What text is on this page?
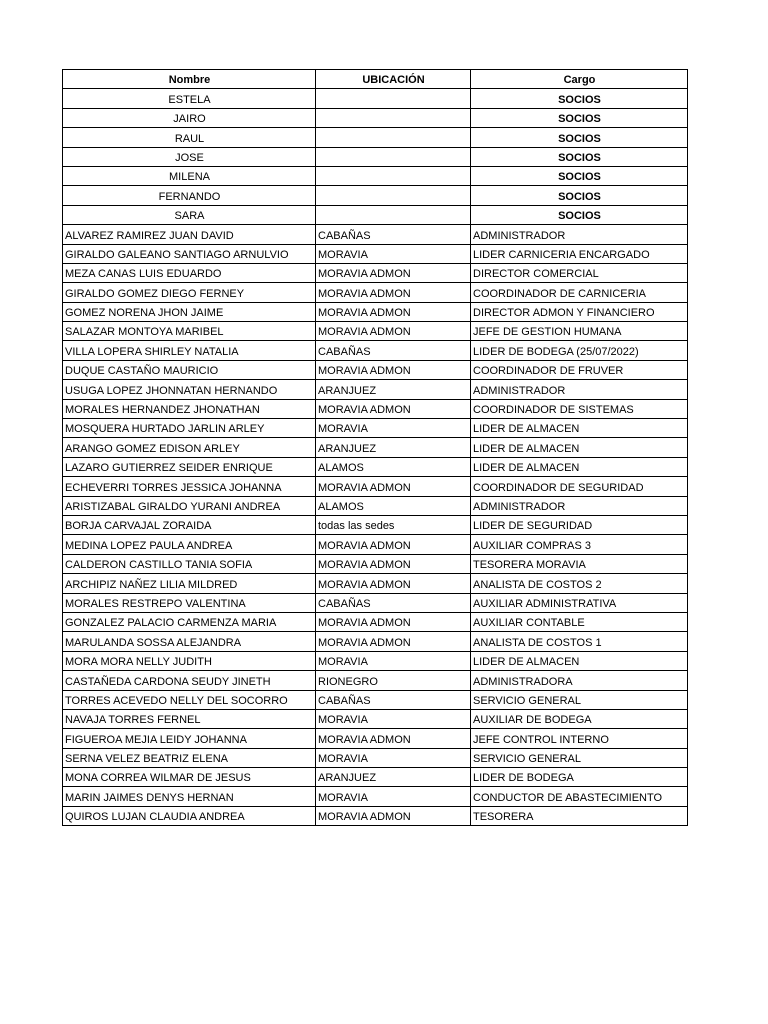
Nombre	UBICACIÓN	Cargo
ESTELA		SOCIOS
JAIRO		SOCIOS
RAUL		SOCIOS
JOSE		SOCIOS
MILENA		SOCIOS
FERNANDO		SOCIOS
SARA		SOCIOS
ALVAREZ RAMIREZ JUAN DAVID	CABAÑAS	ADMINISTRADOR
GIRALDO GALEANO SANTIAGO ARNULVIO	MORAVIA	LIDER CARNICERIA ENCARGADO
MEZA CANAS LUIS EDUARDO	MORAVIA ADMON	DIRECTOR COMERCIAL
GIRALDO GOMEZ DIEGO FERNEY	MORAVIA ADMON	COORDINADOR DE CARNICERIA
GOMEZ NORENA JHON JAIME	MORAVIA ADMON	DIRECTOR ADMON Y FINANCIERO
SALAZAR MONTOYA MARIBEL	MORAVIA ADMON	JEFE DE GESTION HUMANA
VILLA LOPERA SHIRLEY NATALIA	CABAÑAS	LIDER DE BODEGA (25/07/2022)
DUQUE CASTAÑO MAURICIO	MORAVIA ADMON	COORDINADOR DE FRUVER
USUGA LOPEZ JHONNATAN HERNANDO	ARANJUEZ	ADMINISTRADOR
MORALES HERNANDEZ JHONATHAN	MORAVIA ADMON	COORDINADOR DE SISTEMAS
MOSQUERA HURTADO JARLIN ARLEY	MORAVIA	LIDER DE ALMACEN
ARANGO GOMEZ EDISON ARLEY	ARANJUEZ	LIDER DE ALMACEN
LAZARO GUTIERREZ SEIDER ENRIQUE	ALAMOS	LIDER DE ALMACEN
ECHEVERRI TORRES JESSICA JOHANNA	MORAVIA ADMON	COORDINADOR DE SEGURIDAD
ARISTIZABAL GIRALDO YURANI ANDREA	ALAMOS	ADMINISTRADOR
BORJA CARVAJAL ZORAIDA	todas las sedes	LIDER DE SEGURIDAD
MEDINA LOPEZ PAULA ANDREA	MORAVIA ADMON	AUXILIAR COMPRAS 3
CALDERON CASTILLO TANIA SOFIA	MORAVIA ADMON	TESORERA MORAVIA
ARCHIPIZ NAÑEZ LILIA MILDRED	MORAVIA ADMON	ANALISTA DE COSTOS 2
MORALES RESTREPO VALENTINA	CABAÑAS	AUXILIAR ADMINISTRATIVA
GONZALEZ PALACIO CARMENZA MARIA	MORAVIA ADMON	AUXILIAR CONTABLE
MARULANDA SOSSA ALEJANDRA	MORAVIA ADMON	ANALISTA DE COSTOS 1
MORA MORA NELLY JUDITH	MORAVIA	LIDER DE ALMACEN
CASTAÑEDA CARDONA SEUDY JINETH	RIONEGRO	ADMINISTRADORA
TORRES ACEVEDO NELLY DEL SOCORRO	CABAÑAS	SERVICIO GENERAL
NAVAJA TORRES FERNEL	MORAVIA	AUXILIAR DE BODEGA
FIGUEROA MEJIA LEIDY JOHANNA	MORAVIA ADMON	JEFE CONTROL INTERNO
SERNA VELEZ BEATRIZ ELENA	MORAVIA	SERVICIO GENERAL
MONA CORREA WILMAR DE JESUS	ARANJUEZ	LIDER DE BODEGA
MARIN JAIMES DENYS HERNAN	MORAVIA	CONDUCTOR DE ABASTECIMIENTO
QUIROS LUJAN CLAUDIA ANDREA	MORAVIA ADMON	TESORERA
